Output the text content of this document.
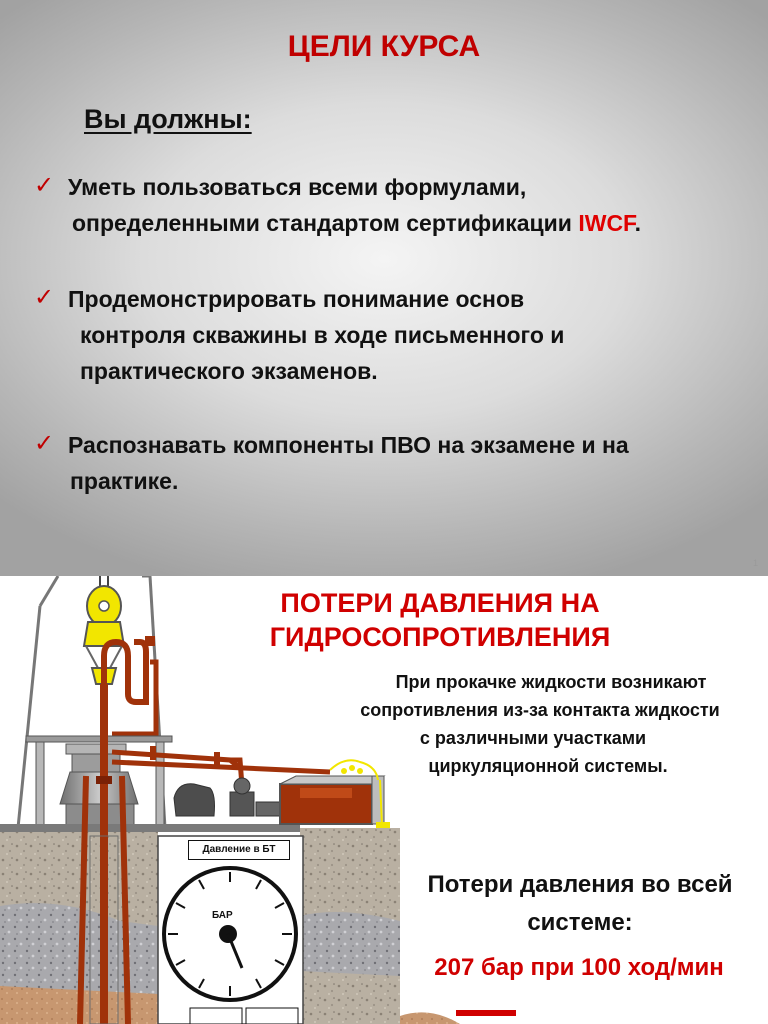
ЦЕЛИ КУРСА
Вы должны:
✓ Уметь пользоваться всеми формулами,
определенными стандартом сертификации IWCF.
✓ Продемонстрировать понимание основ
контроля скважины в ходе письменного и
практического экзаменов.
✓ Распознавать компоненты ПВО на экзамене и на
практике.
1
Давление в БТ
БАР
ПОТЕРИ ДАВЛЕНИЯ НА
ГИДРОСОПРОТИВЛЕНИЯ
При прокачке жидкости возникают
сопротивления из-за контакта жидкости
с различными участками
циркуляционной системы.
Потери давления во всей
системе:
207 бар при 100 ход/мин
